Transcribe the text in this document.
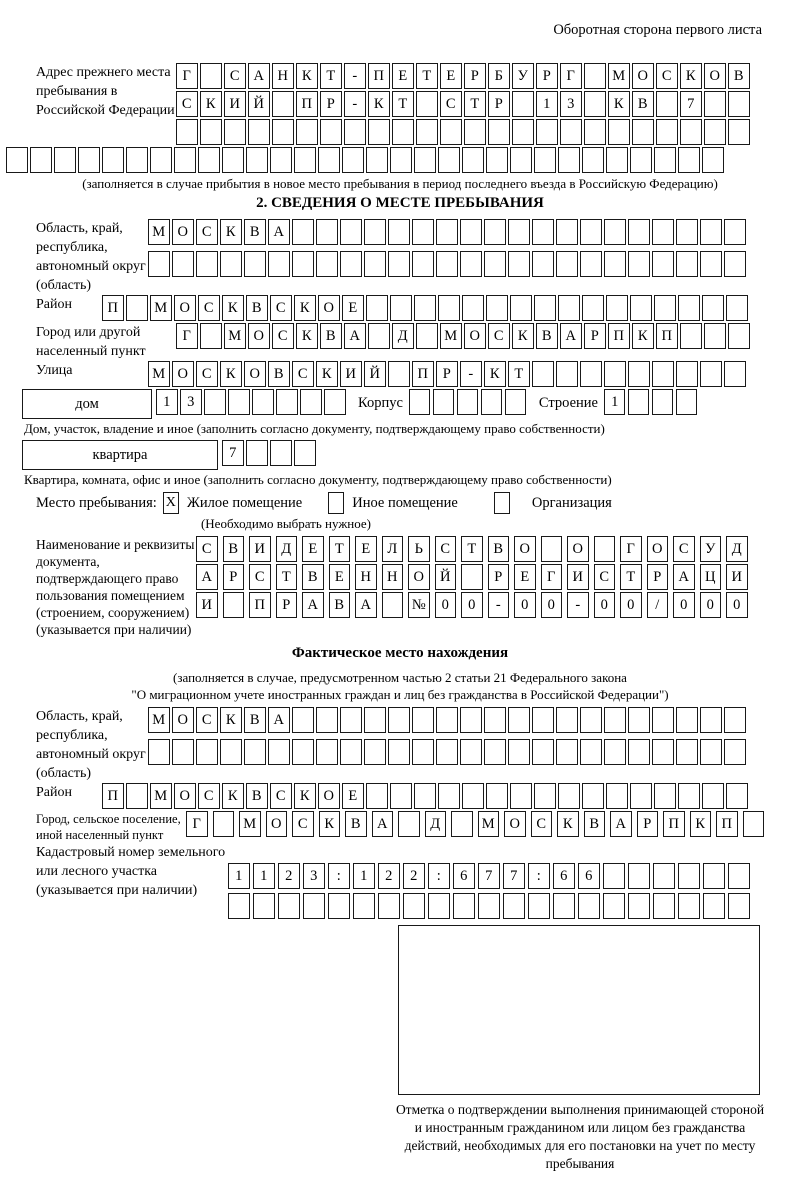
Оборотная сторона первого листа
Адрес прежнего места пребывания в Российской Федерации
Г	С А Н К	Т	-	П Е	Т	Е	Р	Б	У	Р	Г	М О С К О В
С К И Й	П	Р	-	К	Т	С	Т	Р	1	3	К В	7
(заполняется в случае прибытия в новое место пребывания в период последнего въезда в Российскую Федерацию)
2. СВЕДЕНИЯ О МЕСТЕ ПРЕБЫВАНИЯ
Область, край, республика, автономный округ (область)
М О С К В А
Район	П	М О С К В С К О Е
Город или другой населенный пункт
Г	М О С К В А	Д	М О С К В А	Р	П К П
Улица	М О С К О В С К И Й	П	Р	-	К	Т
дом	1	3	Корпус	Строение 1
Дом, участок, владение и иное (заполнить согласно документу, подтверждающему право собственности)
квартира	7
Квартира, комната, офис и иное (заполнить согласно документу, подтверждающему право собственности)
Место пребывания: X Жилое помещение	Иное помещение	Организация
(Необходимо выбрать нужное)
Наименование и реквизиты документа, подтверждающего право пользования помещением (строением, сооружением) (указывается при наличии)
С	В	И	Д	Е	Т	Е	Л	Ь	С	Т	В	О	О	Г	О	С	У	Д
А	Р	С	Т	В	Е	Н	Н	О	Й	Р	Е	Г	И	С	Т	Р	А	Ц	И
И	П	Р	А	В	А	№	0	0	-	0	0	-	0	0	/	0	0	0
Фактическое место нахождения
(заполняется в случае, предусмотренном частью 2 статьи 21 Федерального закона
"О миграционном учете иностранных граждан и лиц без гражданства в Российской Федерации")
Область, край, республика, автономный округ (область)
М О С К В А
Район	П	М О С К В С К О Е
Город, сельское поселение, иной населенный пункт
Г	М	О	С	К	В	А	Д	М	О	С	К	В	А	Р	П	К	П
Кадастровый номер земельного или лесного участка (указывается при наличии)
1	1	2	3	:	1	2	2	:	6	7	7	:	6	6
Отметка о подтверждении выполнения принимающей стороной и иностранным гражданином или лицом без гражданства действий, необходимых для его постановки на учет по месту пребывания
